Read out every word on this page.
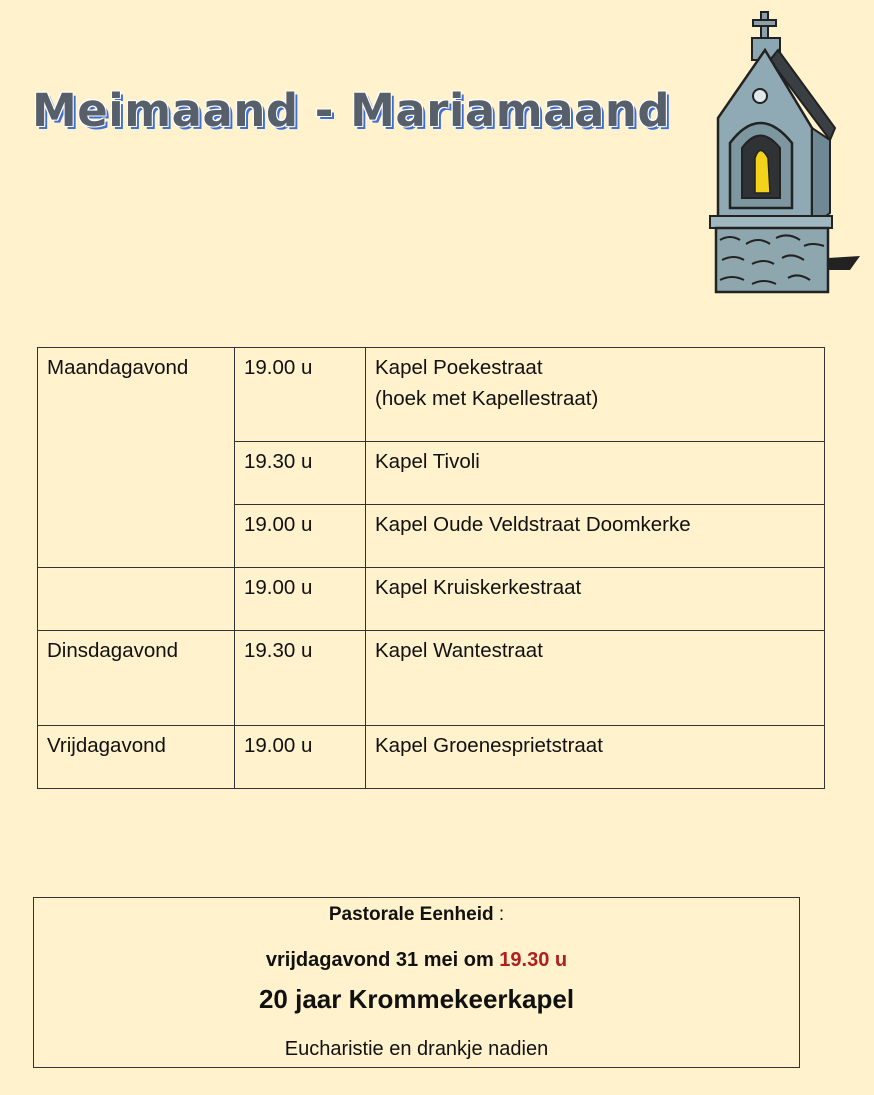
Meimaand - Mariamaand
Maandagavond	19.00 u	Kapel Poekestraat
(hoek met Kapellestraat)

	19.30 u	Kapel Tivoli
	19.00 u	Kapel Oude Veldstraat Doomkerke
	19.00 u	Kapel Kruiskerkestraat
Dinsdagavond	19.30 u	Kapel Wantestraat
Vrijdagavond	19.00 u	Kapel Groenesprietstraat
Pastorale Eenheid :
vrijdagavond 31 mei om 19.30 u
20 jaar Krommekeerkapel
Eucharistie en drankje nadien
